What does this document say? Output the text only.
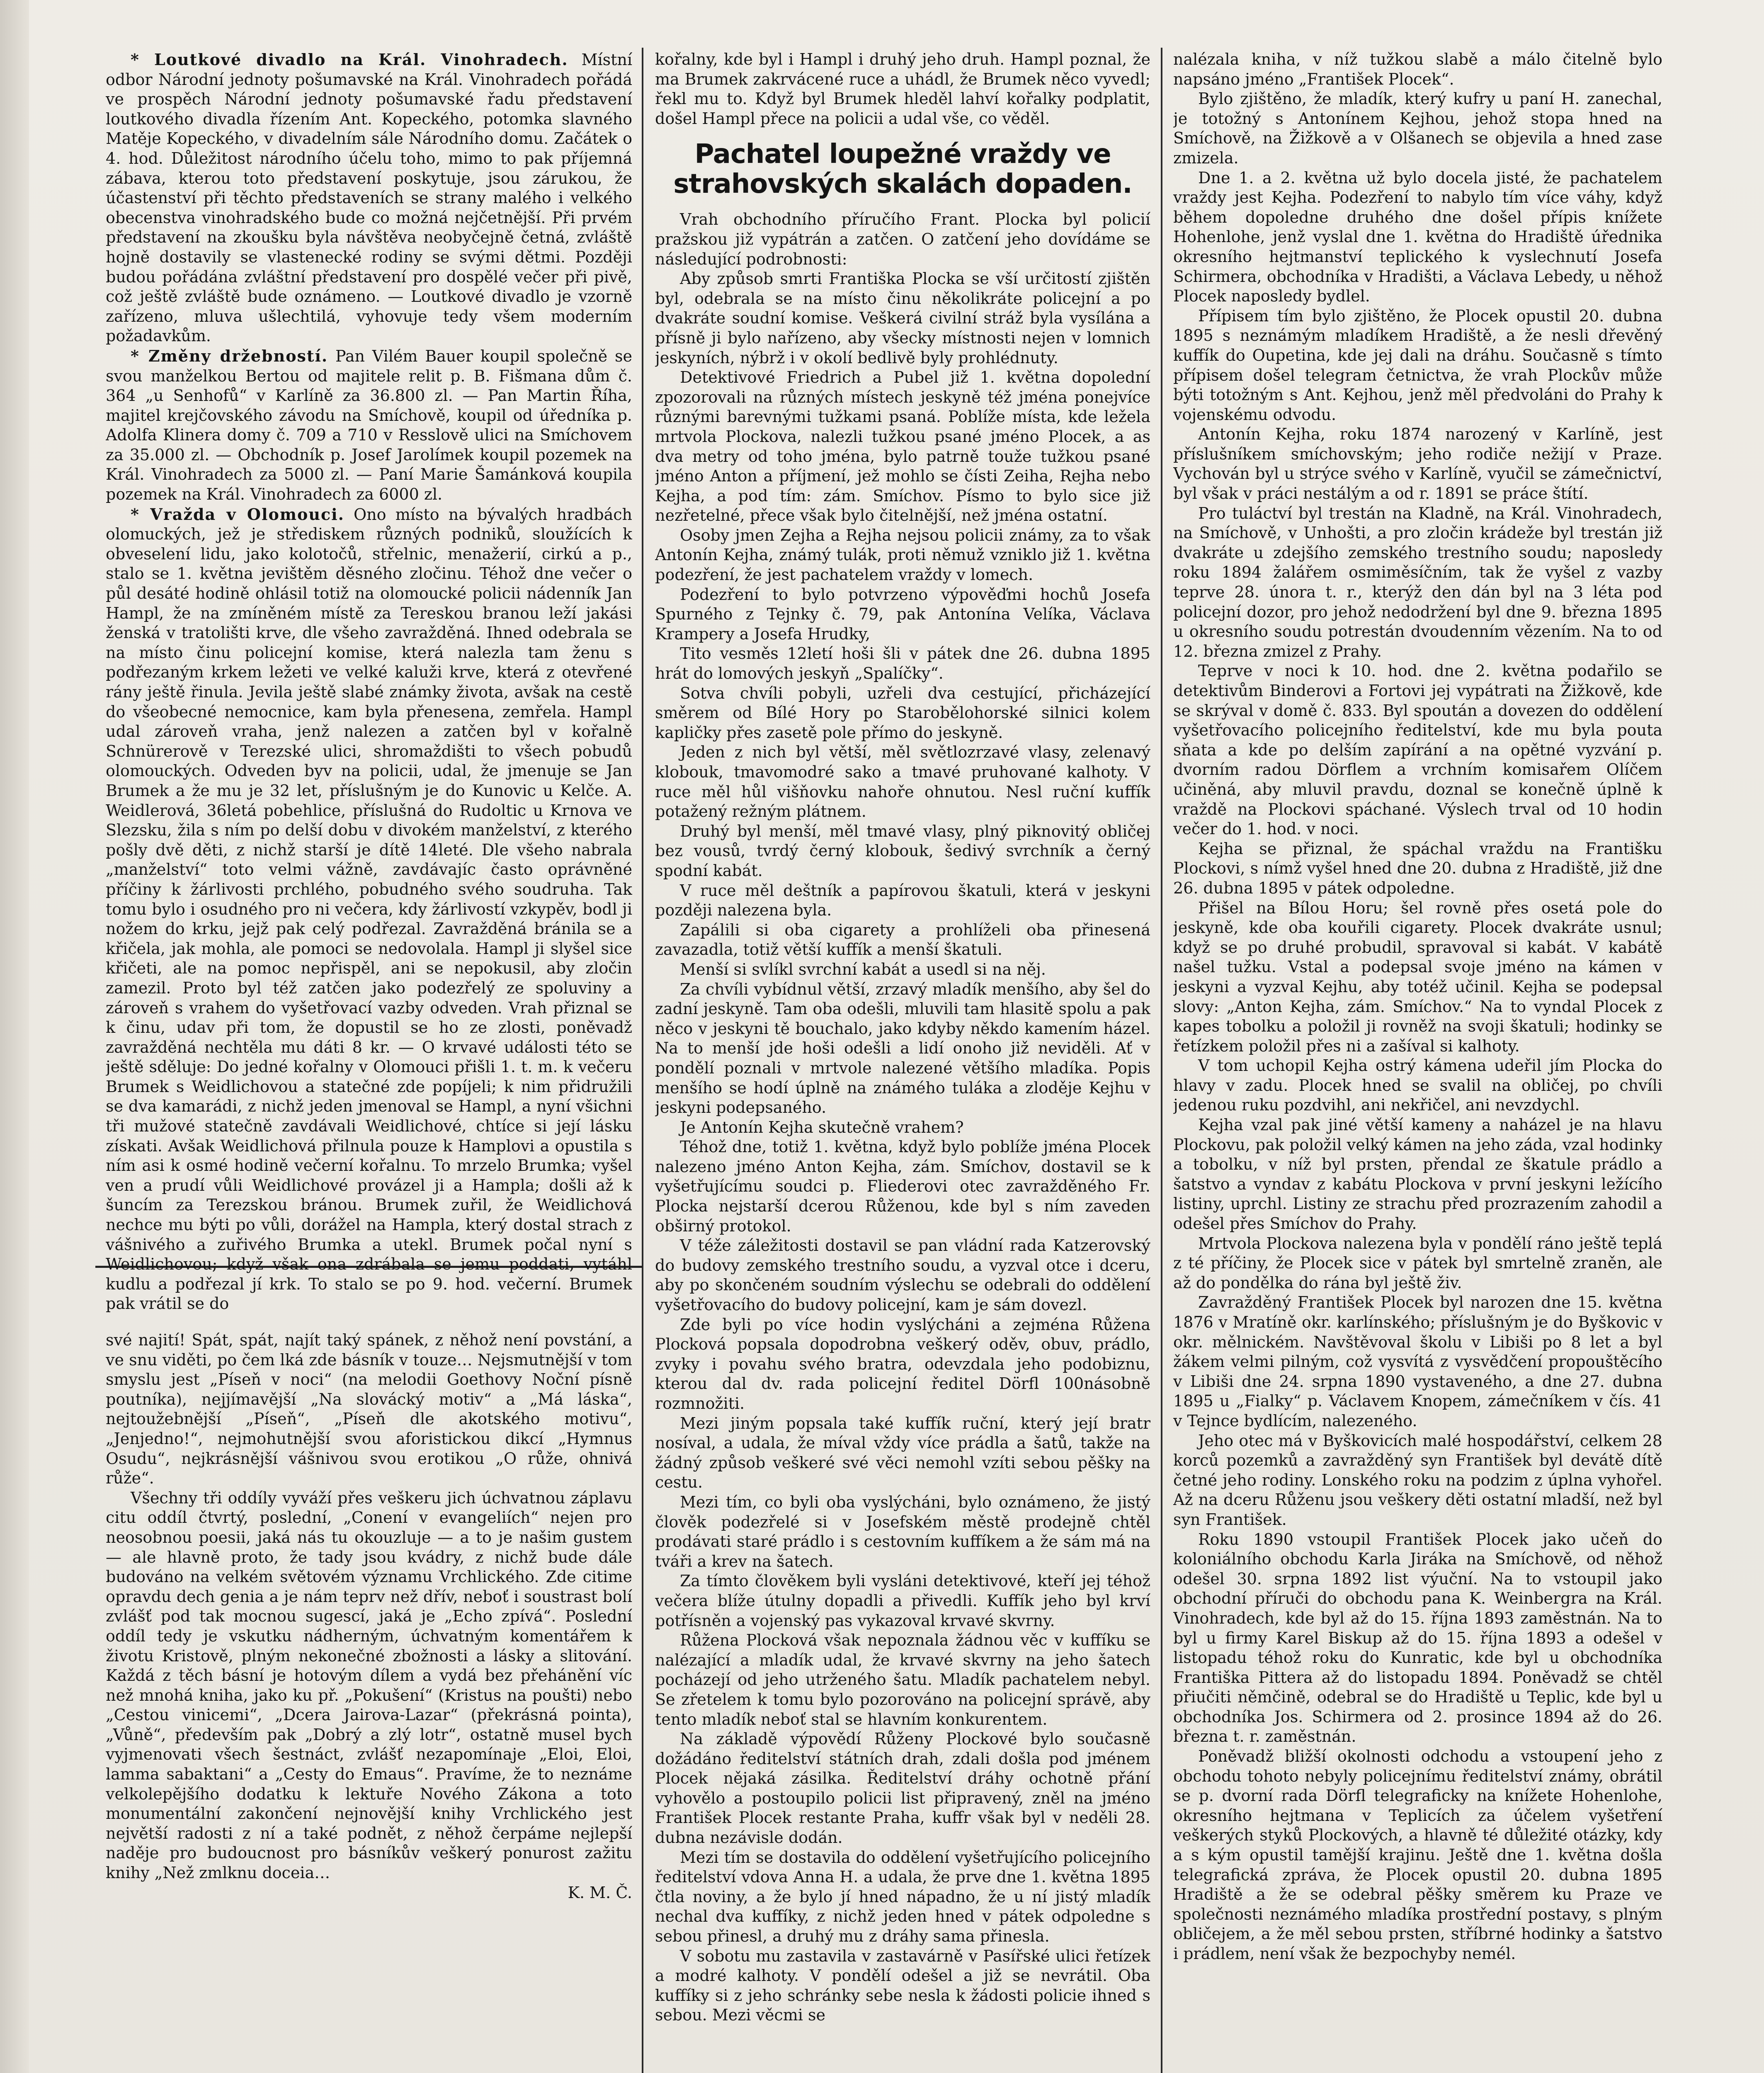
* Loutkové divadlo na Král. Vinohradech. Místní odbor Národní jednoty pošumavské na Král. Vinohradech pořádá ve prospěch Národní jednoty pošumavské řadu představení loutkového divadla řízením Ant. Kopeckého, potomka slavného Matěje Kopeckého, v divadelním sále Národního domu. Začátek o 4. hod. Důležitost národního účelu toho, mimo to pak příjemná zábava, kterou toto představení poskytuje, jsou zárukou, že účastenství při těchto představeních se strany malého i velkého obecenstva vinohradského bude co možná nejčetnější. Při prvém představení na zkoušku byla návštěva neobyčejně četná, zvláště hojně dostavily se vlastenecké rodiny se svými dětmi. Později budou pořádána zvláštní představení pro dospělé večer při pivě, což ještě zvláště bude oznámeno. — Loutkové divadlo je vzorně zařízeno, mluva ušlechtilá, vyhovuje tedy všem moderním požadavkům.

* Změny držebností. Pan Vilém Bauer koupil společně se svou manželkou Bertou od majitele relit p. B. Fišmana dům č. 364 „u Senhofů“ v Karlíně za 36.800 zl. — Pan Martin Říha, majitel krejčovského závodu na Smíchově, koupil od úředníka p. Adolfa Klinera domy č. 709 a 710 v Resslově ulici na Smíchovem za 35.000 zl. — Obchodník p. Josef Jarolímek koupil pozemek na Král. Vinohradech za 5000 zl. — Paní Marie Šamánková koupila pozemek na Král. Vinohradech za 6000 zl.

* Vražda v Olomouci. Ono místo na bývalých hradbách olomuckých, jež je střediskem různých podniků, sloužících k obveselení lidu, jako kolotočů, střelnic, menažerií, cirkú a p., stalo se 1. května jevištěm děsného zločinu. Téhož dne večer o půl desáté hodině ohlásil totiž na olomoucké policii nádenník Jan Hampl, že na zmíněném místě za Tereskou branou leží jakási ženská v tratolišti krve, dle všeho zavražděná. Ihned odebrala se na místo činu policejní komise, která nalezla tam ženu s podřezaným krkem ležeti ve velké kaluži krve, která z otevřené rány ještě řinula. Jevila ještě slabé známky života, avšak na cestě do všeobecné nemocnice, kam byla přenesena, zemřela. Hampl udal zároveň vraha, jenž nalezen a zatčen byl v kořalně Schnürerově v Terezské ulici, shromaždišti to všech pobudů olomouckých. Odveden byv na policii, udal, že jmenuje se Jan Brumek a že mu je 32 let, příslušným je do Kunovic u Kelče. A. Weidlerová, 36letá pobehlice, příslušná do Rudoltic u Krnova ve Slezsku, žila s ním po delší dobu v divokém manželství, z kterého pošly dvě děti, z nichž starší je dítě 14leté. Dle všeho nabrala „manželství“ toto velmi vážně, zavdávajíc často oprávněné příčiny k žárlivosti prchlého, pobudného svého soudruha. Tak tomu bylo i osudného pro ni večera, kdy žárlivostí vzkypěv, bodl ji nožem do krku, jejž pak celý podřezal. Zavražděná bránila se a křičela, jak mohla, ale pomoci se nedovolala. Hampl ji slyšel sice křičeti, ale na pomoc nepřispěl, ani se nepokusil, aby zločin zamezil. Proto byl též zatčen jako podezřelý ze spoluviny a zároveň s vrahem do vyšetřovací vazby odveden. Vrah přiznal se k činu, udav při tom, že dopustil se ho ze zlosti, poněvadž zavražděná nechtěla mu dáti 8 kr. — O krvavé události této se ještě sděluje: Do jedné kořalny v Olomouci přišli 1. t. m. k večeru Brumek s Weidlichovou a statečné zde popíjeli; k nim přidružili se dva kamarádi, z nichž jeden jmenoval se Hampl, a nyní všichni tři mužové statečně zavdávali Weidlichové, chtíce si její lásku získati. Avšak Weidlichová přilnula pouze k Hamplovi a opustila s ním asi k osmé hodině večerní kořalnu. To mrzelo Brumka; vyšel ven a prudí vůli Weidlichové provázel ji a Hampla; došli až k šuncím za Terezskou bránou. Brumek zuřil, že Weidlichová nechce mu býti po vůli, dorážel na Hampla, který dostal strach z vášnivého a zuřivého Brumka a utekl. Brumek počal nyní s Weidlichovou; když však ona zdrábala se jemu poddati, vytáhl kudlu a podřezal jí krk. To stalo se po 9. hod. večerní. Brumek pak vrátil se do

své najití! Spát, spát, najít taký spánek, z něhož není povstání, a ve snu viděti, po čem lká zde básník v touze… Nejsmutnější v tom smyslu jest „Píseň v noci“ (na melodii Goethovy Noční písně poutníka), nejjímavější „Na slovácký motiv“ a „Má láska“, nejtoužebnější „Píseň“, „Píseň dle akotského motivu“, „Jenjedno!“, nejmohutnější svou aforistickou dikcí „Hymnus Osudu“, nejkrásnější vášnivou svou erotikou „O růže, ohnivá růže“.

Všechny tři oddíly vyváží přes veškeru jich úchvatnou záplavu citu oddíl čtvrtý, poslední, „Conení v evangeliích“ nejen pro neosobnou poesii, jaká nás tu okouzluje — a to je našim gustem — ale hlavně proto, že tady jsou kvádry, z nichž bude dále budováno na velkém světovém významu Vrchlického. Zde citime opravdu dech genia a je nám teprv než dřív, neboť i soustrast bolí zvlášť pod tak mocnou sugescí, jaká je „Echo zpívá“. Poslední oddíl tedy je vskutku nádherným, úchvatným komentářem k životu Kristově, plným nekonečné zbožnosti a lásky a slitování. Každá z těch básní je hotovým dílem a vydá bez přehánění víc než mnohá kniha, jako ku př. „Pokušení“ (Kristus na poušti) nebo „Cestou vinicemi“, „Dcera Jairova-Lazar“ (překrásná pointa), „Vůně“, především pak „Dobrý a zlý lotr“, ostatně musel bych vyjmenovati všech šestnáct, zvlášť nezapomínaje „Eloi, Eloi, lamma sabaktani“ a „Cesty do Emaus“. Pravíme, že to neznáme velkolepějšího dodatku k lektuře Nového Zákona a toto monumentální zakončení nejnovější knihy Vrchlického jest největší radosti z ní a také podnět, z něhož čerpáme nejlepší naděje pro budoucnost pro básníkův veškerý ponurost zažitu knihy „Než zmlknu doceia…

K. M. Č.

kořalny, kde byl i Hampl i druhý jeho druh. Hampl poznal, že ma Brumek zakrvácené ruce a uhádl, že Brumek něco vyvedl; řekl mu to. Když byl Brumek hleděl lahví kořalky podplatit, došel Hampl přece na policii a udal vše, co věděl.

Pachatel loupežné vraždy ve strahovských skalách dopaden.

Vrah obchodního příručího Frant. Plocka byl policií pražskou již vypátrán a zatčen. O zatčení jeho dovídáme se následující podrobnosti:

Aby způsob smrti Františka Plocka se vší určitostí zjištěn byl, odebrala se na místo činu několikráte policejní a po dvakráte soudní komise. Veškerá civilní stráž byla vysílána a přísně ji bylo nařízeno, aby všecky místnosti nejen v lomnich jeskyních, nýbrž i v okolí bedlivě byly prohlédnuty.

Detektivové Friedrich a Pubel již 1. května dopolední zpozorovali na různých místech jeskyně též jména ponejvíce různými barevnými tužkami psaná. Poblíže místa, kde ležela mrtvola Plockova, nalezli tužkou psané jméno Plocek, a as dva metry od toho jména, bylo patrně touže tužkou psané jméno Anton a příjmení, jež mohlo se čísti Zeiha, Rejha nebo Kejha, a pod tím: zám. Smíchov. Písmo to bylo sice již nezřetelné, přece však bylo čitelnější, než jména ostatní.

Osoby jmen Zejha a Rejha nejsou policii známy, za to však Antonín Kejha, známý tulák, proti němuž vzniklo již 1. května podezření, že jest pachatelem vraždy v lomech.

Podezření to bylo potvrzeno výpověďmi hochů Josefa Spurného z Tejnky č. 79, pak Antonína Velíka, Václava Krampery a Josefa Hrudky,

Tito vesměs 12letí hoši šli v pátek dne 26. dubna 1895 hrát do lomových jeskyň „Spalíčky“.

Sotva chvíli pobyli, uzřeli dva cestující, přicházející směrem od Bílé Hory po Starobělohorské silnici kolem kapličky přes zasetě pole přímo do jeskyně.

Jeden z nich byl větší, měl světlozrzavé vlasy, zelenavý klobouk, tmavomodré sako a tmavé pruhované kalhoty. V ruce měl hůl višňovku nahoře ohnutou. Nesl ruční kuffík potažený režným plátnem.

Druhý byl menší, měl tmavé vlasy, plný piknovitý obličej bez vousů, tvrdý černý klobouk, šedivý svrchník a černý spodní kabát.

V ruce měl deštník a papírovou škatuli, která v jeskyni později nalezena byla.

Zapálili si oba cigarety a prohlíželi oba přinesená zavazadla, totiž větší kuffík a menší škatuli.

Menší si svlíkl svrchní kabát a usedl si na něj.

Za chvíli vybídnul větší, zrzavý mladík menšího, aby šel do zadní jeskyně. Tam oba odešli, mluvili tam hlasitě spolu a pak něco v jeskyni tě bouchalo, jako kdyby někdo kamením házel. Na to menší jde hoši odešli a lidí onoho již neviděli. Ať v pondělí poznali v mrtvole nalezené většího mladíka. Popis menšího se hodí úplně na známého tuláka a zloděje Kejhu v jeskyni podepsaného.

Je Antonín Kejha skutečně vrahem?

Téhož dne, totiž 1. května, když bylo poblíže jména Plocek nalezeno jméno Anton Kejha, zám. Smíchov, dostavil se k vyšetřujícímu soudci p. Fliederovi otec zavražděného Fr. Plocka nejstarší dcerou Růženou, kde byl s ním zaveden obširný protokol.

V téže záležitosti dostavil se pan vládní rada Katzerovský do budovy zemského trestního soudu, a vyzval otce i dceru, aby po skončeném soudním výslechu se odebrali do oddělení vyšetřovacího do budovy policejní, kam je sám dovezl.

Zde byli po více hodin vyslýcháni a zejména Růžena Plocková popsala dopodrobna veškerý oděv, obuv, prádlo, zvyky i povahu svého bratra, odevzdala jeho podobiznu, kterou dal dv. rada policejní ředitel Dörfl 100násobně rozmnožiti.

Mezi jiným popsala také kuffík ruční, který její bratr nosíval, a udala, že míval vždy více prádla a šatů, takže na žádný způsob veškeré své věci nemohl vzíti sebou pěšky na cestu.

Mezi tím, co byli oba vyslýcháni, bylo oznámeno, že jistý člověk podezřelé si v Josefském městě prodejně chtěl prodávati staré prádlo i s cestovním kuffíkem a že sám má na tváři a krev na šatech.

Za tímto člověkem byli vysláni detektivové, kteří jej téhož večera blíže útulny dopadli a přivedli. Kuffík jeho byl krví potřísněn a vojenský pas vykazoval krvavé skvrny.

Růžena Plocková však nepoznala žádnou věc v kuffíku se nalézající a mladík udal, že krvavé skvrny na jeho šatech pocházejí od jeho utrženého šatu. Mladík pachatelem nebyl. Se zřetelem k tomu bylo pozorováno na policejní správě, aby tento mladík neboť stal se hlavním konkurentem.

Na základě výpovědí Růženy Plockové bylo současně dožádáno ředitelství státních drah, zdali došla pod jménem Plocek nějaká zásilka. Ředitelství dráhy ochotně přání vyhovělo a postoupilo policii list připravený, zněl na jméno František Plocek restante Praha, kuffr však byl v neděli 28. dubna nezávisle dodán.

Mezi tím se dostavila do oddělení vyšetřujícího policejního ředitelství vdova Anna H. a udala, že prve dne 1. května 1895 čtla noviny, a že bylo jí hned nápadno, že u ní jistý mladík nechal dva kuffíky, z nichž jeden hned v pátek odpoledne s sebou přinesl, a druhý mu z dráhy sama přinesla.

V sobotu mu zastavila v zastavárně v Pasířské ulici řetízek a modré kalhoty. V pondělí odešel a již se nevrátil. Oba kuffíky si z jeho schránky sebe nesla k žádosti policie ihned s sebou. Mezi věcmi se

nalézala kniha, v níž tužkou slabě a málo čitelně bylo napsáno jméno „František Plocek“.

Bylo zjištěno, že mladík, který kufry u paní H. zanechal, je totožný s Antonínem Kejhou, jehož stopa hned na Smíchově, na Žižkově a v Olšanech se objevila a hned zase zmizela.

Dne 1. a 2. května už bylo docela jisté, že pachatelem vraždy jest Kejha. Podezření to nabylo tím více váhy, když během dopoledne druhého dne došel přípis knížete Hohenlohe, jenž vyslal dne 1. května do Hradiště úřednika okresního hejtmanství teplického k vyslechnutí Josefa Schirmera, obchodníka v Hradišti, a Václava Lebedy, u něhož Plocek naposledy bydlel.

Přípisem tím bylo zjištěno, že Plocek opustil 20. dubna 1895 s neznámým mladíkem Hradiště, a že nesli dřevěný kuffík do Oupetina, kde jej dali na dráhu. Současně s tímto přípisem došel telegram četnictva, že vrah Plockův může býti totožným s Ant. Kejhou, jenž měl předvoláni do Prahy k vojenskému odvodu.

Antonín Kejha, roku 1874 narozený v Karlíně, jest příslušníkem smíchovským; jeho rodiče nežijí v Praze. Vychován byl u strýce svého v Karlíně, vyučil se zámečnictví, byl však v práci nestálým a od r. 1891 se práce štítí.

Pro tuláctví byl trestán na Kladně, na Král. Vinohradech, na Smíchově, v Unhošti, a pro zločin krádeže byl trestán již dvakráte u zdejšího zemského trestního soudu; naposledy roku 1894 žalářem osmiměsíčním, tak že vyšel z vazby teprve 28. února t. r., kterýž den dán byl na 3 léta pod policejní dozor, pro jehož nedodržení byl dne 9. března 1895 u okresního soudu potrestán dvoudenním vězením. Na to od 12. března zmizel z Prahy.

Teprve v noci k 10. hod. dne 2. května podařilo se detektivům Binderovi a Fortovi jej vypátrati na Žižkově, kde se skrýval v domě č. 833. Byl spoután a dovezen do oddělení vyšetřovacího policejního ředitelství, kde mu byla pouta sňata a kde po delším zapírání a na opětné vyzvání p. dvorním radou Dörflem a vrchním komisařem Olíčem učiněná, aby mluvil pravdu, doznal se konečně úplně k vraždě na Plockovi spáchané. Výslech trval od 10 hodin večer do 1. hod. v noci.

Kejha se přiznal, že spáchal vraždu na Františku Plockovi, s nímž vyšel hned dne 20. dubna z Hradiště, již dne 26. dubna 1895 v pátek odpoledne.

Přišel na Bílou Horu; šel rovně přes osetá pole do jeskyně, kde oba kouřili cigarety. Plocek dvakráte usnul; když se po druhé probudil, spravoval si kabát. V kabátě našel tužku. Vstal a podepsal svoje jméno na kámen v jeskyni a vyzval Kejhu, aby totéž učinil. Kejha se podepsal slovy: „Anton Kejha, zám. Smíchov.“ Na to vyndal Plocek z kapes tobolku a položil ji rovněž na svoji škatuli; hodinky se řetízkem položil přes ni a zašíval si kalhoty.

V tom uchopil Kejha ostrý kámena udeřil jím Plocka do hlavy v zadu. Plocek hned se svalil na obličej, po chvíli jedenou ruku pozdvihl, ani nekřičel, ani nevzdychl.

Kejha vzal pak jiné větší kameny a naházel je na hlavu Plockovu, pak položil velký kámen na jeho záda, vzal hodinky a tobolku, v níž byl prsten, přendal ze škatule prádlo a šatstvo a vyndav z kabátu Plockova v první jeskyni ležícího listiny, uprchl. Listiny ze strachu před prozrazením zahodil a odešel přes Smíchov do Prahy.

Mrtvola Plockova nalezena byla v pondělí ráno ještě teplá z té příčiny, že Plocek sice v pátek byl smrtelně zraněn, ale až do pondělka do rána byl ještě živ.

Zavražděný František Plocek byl narozen dne 15. května 1876 v Mratíně okr. karlínského; příslušným je do Byškovic v okr. mělnickém. Navštěvoval školu v Libiši po 8 let a byl žákem velmi pilným, což vysvítá z vysvědčení propouštěcího v Libiši dne 24. srpna 1890 vystaveného, a dne 27. dubna 1895 u „Fialky“ p. Václavem Knopem, zámečníkem v čís. 41 v Tejnce bydlícím, nalezeného.

Jeho otec má v Byškovicích malé hospodářství, celkem 28 korců pozemků a zavražděný syn František byl devátě dítě četné jeho rodiny. Lonského roku na podzim z úplna vyhořel. Až na dceru Růženu jsou veškery děti ostatní mladší, než byl syn František.

Roku 1890 vstoupil František Plocek jako učeň do koloniálního obchodu Karla Jiráka na Smíchově, od něhož odešel 30. srpna 1892 list výuční. Na to vstoupil jako obchodní příruči do obchodu pana K. Weinbergra na Král. Vinohradech, kde byl až do 15. října 1893 zaměstnán. Na to byl u firmy Karel Biskup až do 15. října 1893 a odešel v listopadu téhož roku do Kunratic, kde byl u obchodníka Františka Pittera až do listopadu 1894. Poněvadž se chtěl přiučiti němčině, odebral se do Hradiště u Teplic, kde byl u obchodníka Jos. Schirmera od 2. prosince 1894 až do 26. března t. r. zaměstnán.

Poněvadž bližší okolnosti odchodu a vstoupení jeho z obchodu tohoto nebyly policejnímu ředitelství známy, obrátil se p. dvorní rada Dörfl telegraficky na knížete Hohenlohe, okresního hejtmana v Teplicích za účelem vyšetření veškerých styků Plockových, a hlavně té důležité otázky, kdy a s kým opustil tamější krajinu. Ještě dne 1. května došla telegrafická zpráva, že Plocek opustil 20. dubna 1895 Hradiště a že se odebral pěšky směrem ku Praze ve společnosti neznámého mladíka prostřední postavy, s plným obličejem, a že měl sebou prsten, stříbrné hodinky a šatstvo i prádlem, není však že bezpochyby nemél.
